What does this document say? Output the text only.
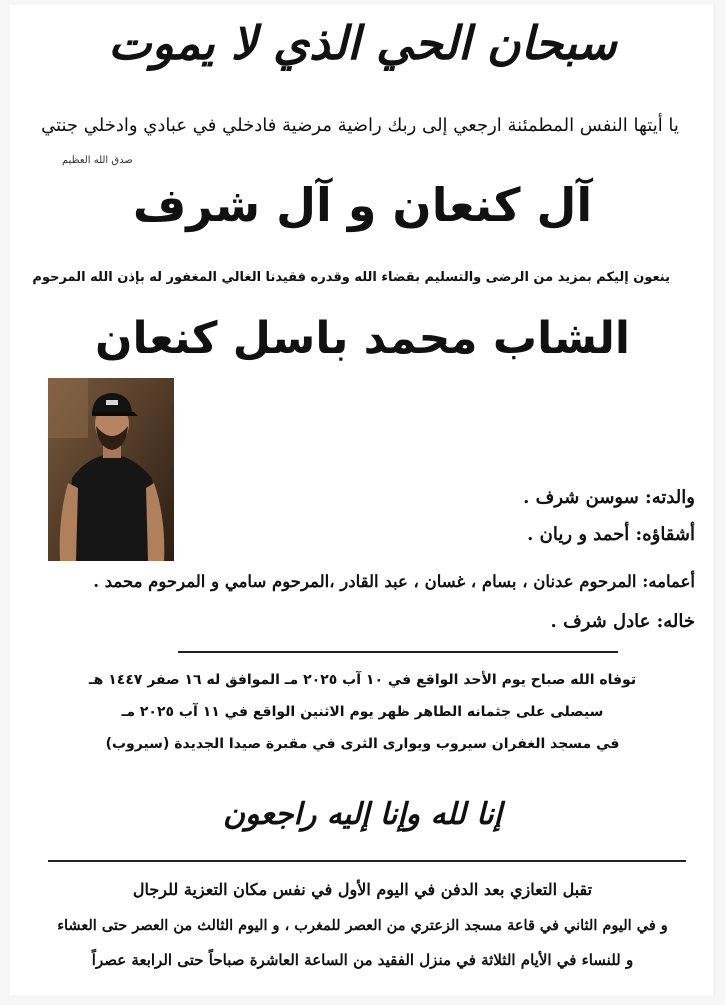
سبحان الحي الذي لا يموت
يا أيتها النفس المطمئنة ارجعي إلى ربك راضية مرضية فادخلي في عبادي وادخلي جنتي
صدق الله العظيم
آل كنعان و آل شرف
ينعون إليكم بمزيد من الرضى والتسليم بقضاء الله وقدره فقيدنا الغالي المغفور له بإذن الله المرحوم
الشاب محمد باسل كنعان
والدته: سوسن شرف .
أشقاؤه: أحمد و ريان .
أعمامه: المرحوم عدنان ، بسام ، غسان ، عبد القادر ،المرحوم سامي و المرحوم محمد .
خاله: عادل شرف .
توفاه الله صباح يوم الأحد الواقع في ١٠ آب ٢٠٢٥ مـ الموافق له ١٦ صفر ١٤٤٧ هـ
سيصلى على جثمانه الطاهر ظهر يوم الاثنين الواقع في ١١ آب ٢٠٢٥ مـ
في مسجد الغفران سيروب ويوارى الثرى في مقبرة صيدا الجديدة (سيروب)
إنا لله وإنا إليه راجعون
تقبل التعازي بعد الدفن في اليوم الأول في نفس مكان التعزية للرجال
و في اليوم الثاني في قاعة مسجد الزعتري من العصر للمغرب ، و اليوم الثالث من العصر حتى العشاء
و للنساء في الأيام الثلاثة في منزل الفقيد من الساعة العاشرة صباحاً حتى الرابعة عصراً
